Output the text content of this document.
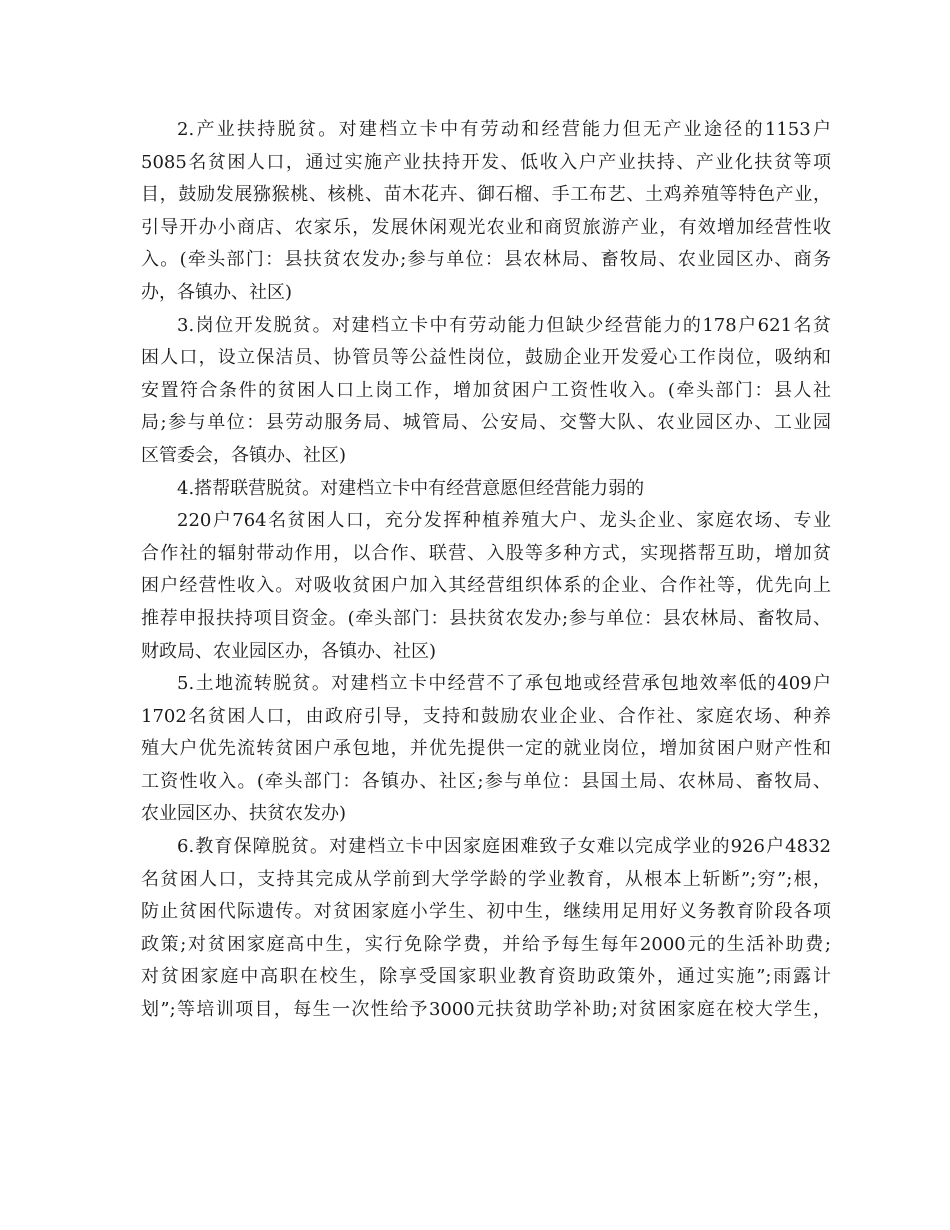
2.产业扶持脱贫。对建档立卡中有劳动和经营能力但无产业途径的1153户
5085名贫困人口，通过实施产业扶持开发、低收入户产业扶持、产业化扶贫等项
目，鼓励发展猕猴桃、核桃、苗木花卉、御石榴、手工布艺、土鸡养殖等特色产业，
引导开办小商店、农家乐，发展休闲观光农业和商贸旅游产业，有效增加经营性收
入。(牵头部门：县扶贫农发办;参与单位：县农林局、畜牧局、农业园区办、商务
办，各镇办、社区)
3.岗位开发脱贫。对建档立卡中有劳动能力但缺少经营能力的178户621名贫
困人口，设立保洁员、协管员等公益性岗位，鼓励企业开发爱心工作岗位，吸纳和
安置符合条件的贫困人口上岗工作，增加贫困户工资性收入。(牵头部门：县人社
局;参与单位：县劳动服务局、城管局、公安局、交警大队、农业园区办、工业园
区管委会，各镇办、社区)
4.搭帮联营脱贫。对建档立卡中有经营意愿但经营能力弱的
220户764名贫困人口，充分发挥种植养殖大户、龙头企业、家庭农场、专业
合作社的辐射带动作用，以合作、联营、入股等多种方式，实现搭帮互助，增加贫
困户经营性收入。对吸收贫困户加入其经营组织体系的企业、合作社等，优先向上
推荐申报扶持项目资金。(牵头部门：县扶贫农发办;参与单位：县农林局、畜牧局、
财政局、农业园区办，各镇办、社区)
5.土地流转脱贫。对建档立卡中经营不了承包地或经营承包地效率低的409户
1702名贫困人口，由政府引导，支持和鼓励农业企业、合作社、家庭农场、种养
殖大户优先流转贫困户承包地，并优先提供一定的就业岗位，增加贫困户财产性和
工资性收入。(牵头部门：各镇办、社区;参与单位：县国土局、农林局、畜牧局、
农业园区办、扶贫农发办)
6.教育保障脱贫。对建档立卡中因家庭困难致子女难以完成学业的926户4832
名贫困人口，支持其完成从学前到大学学龄的学业教育，从根本上斩断”;穷”;根，
防止贫困代际遗传。对贫困家庭小学生、初中生，继续用足用好义务教育阶段各项
政策;对贫困家庭高中生，实行免除学费，并给予每生每年2000元的生活补助费;
对贫困家庭中高职在校生，除享受国家职业教育资助政策外，通过实施”;雨露计
划”;等培训项目，每生一次性给予3000元扶贫助学补助;对贫困家庭在校大学生，
